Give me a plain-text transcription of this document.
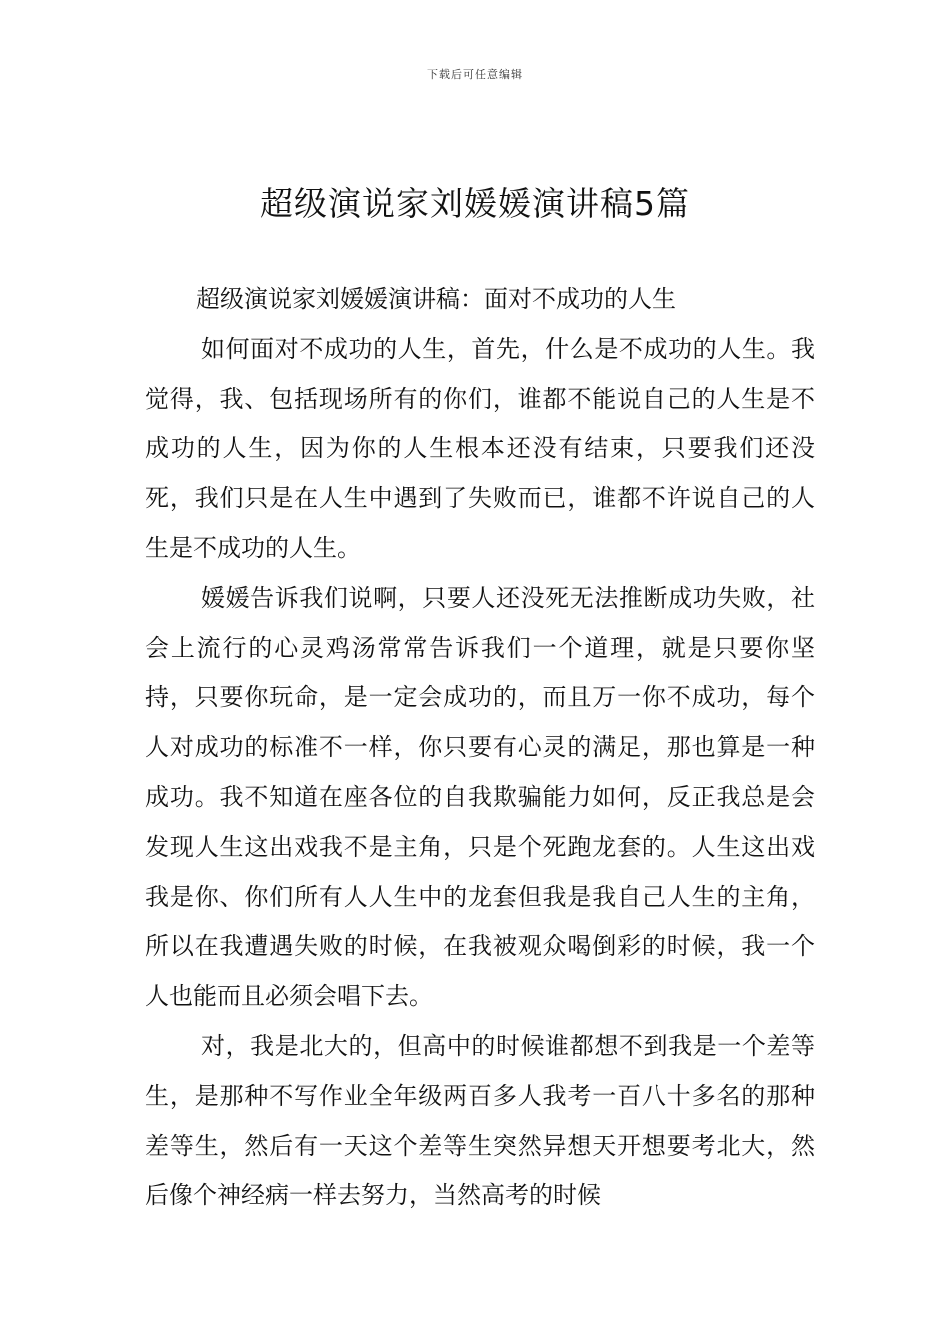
下载后可任意编辑
超级演说家刘媛媛演讲稿5篇

超级演说家刘媛媛演讲稿：面对不成功的人生

如何面对不成功的人生，首先，什么是不成功的人生。我觉得，我、包括现场所有的你们，谁都不能说自己的人生是不成功的人生，因为你的人生根本还没有结束，只要我们还没死，我们只是在人生中遇到了失败而已，谁都不许说自己的人生是不成功的人生。

媛媛告诉我们说啊，只要人还没死无法推断成功失败，社会上流行的心灵鸡汤常常告诉我们一个道理，就是只要你坚持，只要你玩命，是一定会成功的，而且万一你不成功，每个人对成功的标准不一样，你只要有心灵的满足，那也算是一种成功。我不知道在座各位的自我欺骗能力如何，反正我总是会发现人生这出戏我不是主角，只是个死跑龙套的。人生这出戏我是你、你们所有人人生中的龙套但我是我自己人生的主角，所以在我遭遇失败的时候，在我被观众喝倒彩的时候，我一个人也能而且必须会唱下去。

对，我是北大的，但高中的时候谁都想不到我是一个差等生，是那种不写作业全年级两百多人我考一百八十多名的那种差等生，然后有一天这个差等生突然异想天开想要考北大，然后像个神经病一样去努力，当然高考的时候
